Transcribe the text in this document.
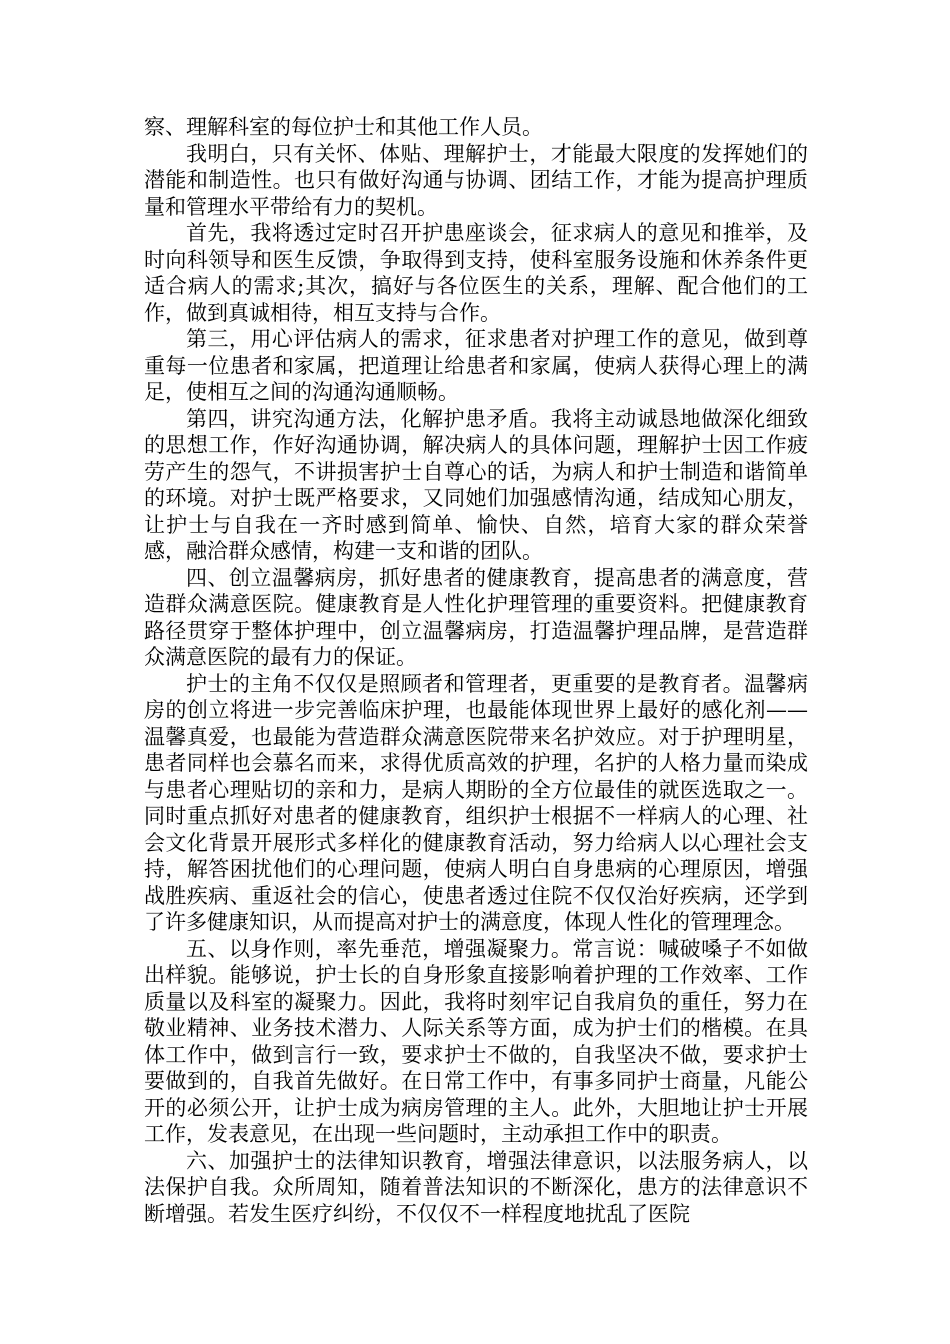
察、理解科室的每位护士和其他工作人员。

我明白，只有关怀、体贴、理解护士，才能最大限度的发挥她们的潜能和制造性。也只有做好沟通与协调、团结工作，才能为提高护理质量和管理水平带给有力的契机。

首先，我将透过定时召开护患座谈会，征求病人的意见和推举，及时向科领导和医生反馈，争取得到支持，使科室服务设施和休养条件更适合病人的需求;其次，搞好与各位医生的关系，理解、配合他们的工作，做到真诚相待，相互支持与合作。

第三，用心评估病人的需求，征求患者对护理工作的意见，做到尊重每一位患者和家属，把道理让给患者和家属，使病人获得心理上的满足，使相互之间的沟通沟通顺畅。

第四，讲究沟通方法，化解护患矛盾。我将主动诚恳地做深化细致的思想工作，作好沟通协调，解决病人的具体问题，理解护士因工作疲劳产生的怨气，不讲损害护士自尊心的话，为病人和护士制造和谐简单的环境。对护士既严格要求，又同她们加强感情沟通，结成知心朋友，让护士与自我在一齐时感到简单、愉快、自然，培育大家的群众荣誉感，融洽群众感情，构建一支和谐的团队。

四、创立温馨病房，抓好患者的健康教育，提高患者的满意度，营造群众满意医院。健康教育是人性化护理管理的重要资料。把健康教育路径贯穿于整体护理中，创立温馨病房，打造温馨护理品牌，是营造群众满意医院的最有力的保证。

护士的主角不仅仅是照顾者和管理者，更重要的是教育者。温馨病房的创立将进一步完善临床护理，也最能体现世界上最好的感化剂——温馨真爱，也最能为营造群众满意医院带来名护效应。对于护理明星，患者同样也会慕名而来，求得优质高效的护理，名护的人格力量而染成与患者心理贴切的亲和力，是病人期盼的全方位最佳的就医选取之一。同时重点抓好对患者的健康教育，组织护士根据不一样病人的心理、社会文化背景开展形式多样化的健康教育活动，努力给病人以心理社会支持，解答困扰他们的心理问题，使病人明白自身患病的心理原因，增强战胜疾病、重返社会的信心，使患者透过住院不仅仅治好疾病，还学到了许多健康知识，从而提高对护士的满意度，体现人性化的管理理念。

五、以身作则，率先垂范，增强凝聚力。常言说：喊破嗓子不如做出样貌。能够说，护士长的自身形象直接影响着护理的工作效率、工作质量以及科室的凝聚力。因此，我将时刻牢记自我肩负的重任，努力在敬业精神、业务技术潜力、人际关系等方面，成为护士们的楷模。在具体工作中，做到言行一致，要求护士不做的，自我坚决不做，要求护士要做到的，自我首先做好。在日常工作中，有事多同护士商量，凡能公开的必须公开，让护士成为病房管理的主人。此外，大胆地让护士开展工作，发表意见，在出现一些问题时，主动承担工作中的职责。

六、加强护士的法律知识教育，增强法律意识，以法服务病人，以法保护自我。众所周知，随着普法知识的不断深化，患方的法律意识不断增强。若发生医疗纠纷，不仅仅不一样程度地扰乱了医院
